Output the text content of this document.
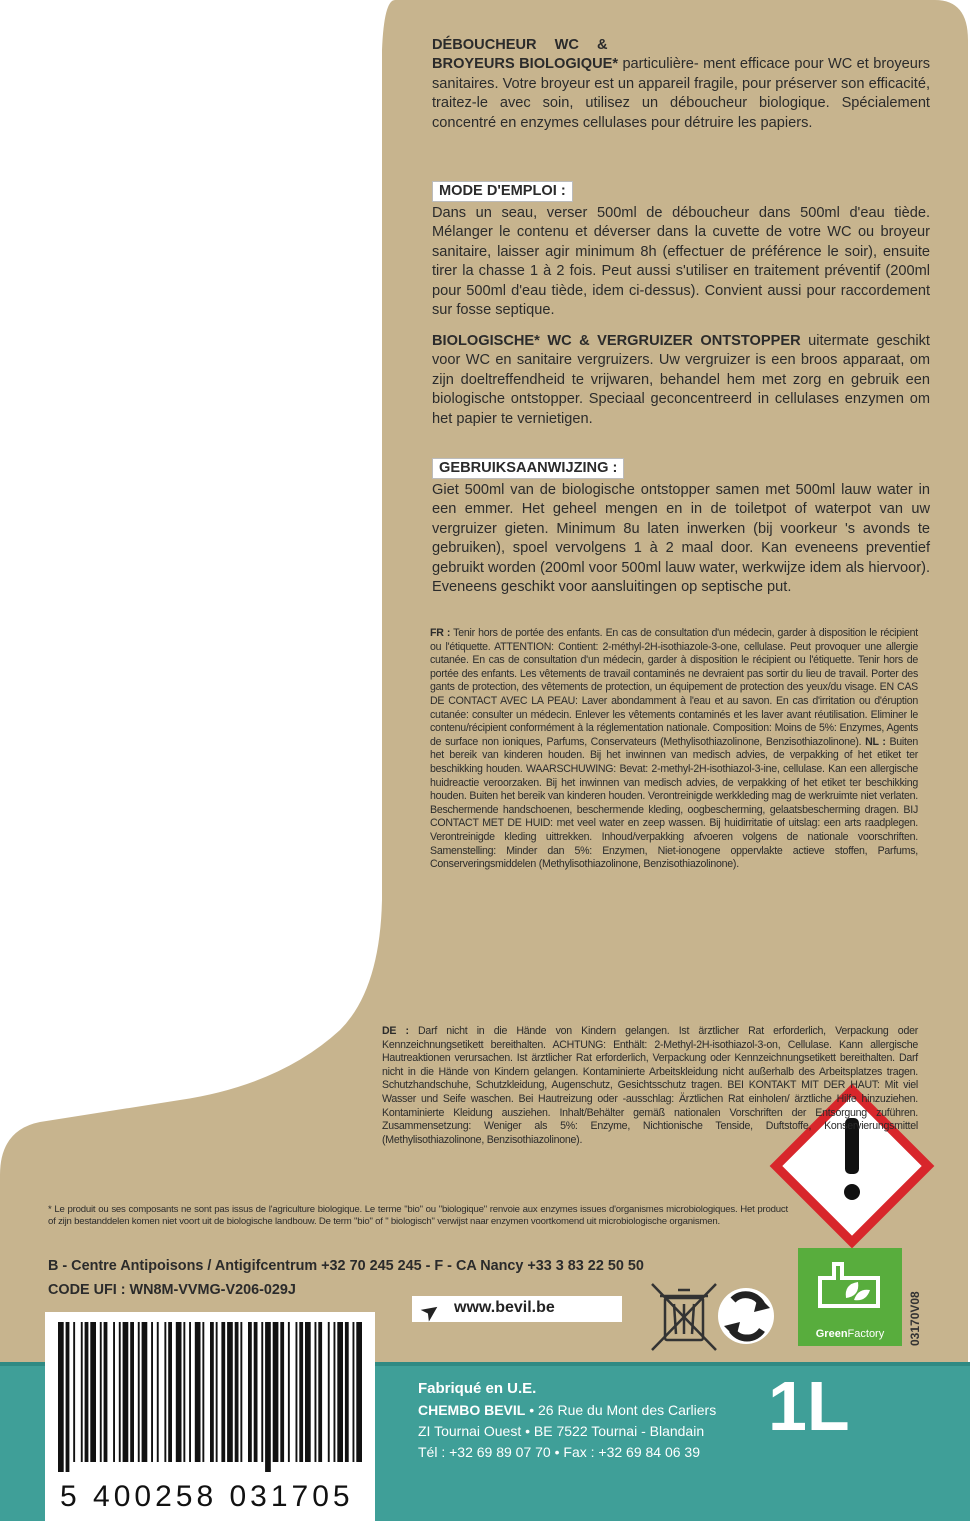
DÉBOUCHEUR WC &
BROYEURS BIOLOGIQUE* particulière- ment efficace pour WC et broyeurs sanitaires. Votre broyeur est un appareil fragile, pour préserver son efficacité, traitez-le avec soin, utilisez un déboucheur biologique. Spécialement concentré en enzymes cellulases pour détruire les papiers.
MODE D'EMPLOI :
Dans un seau, verser 500ml de déboucheur dans 500ml d'eau tiède. Mélanger le contenu et déverser dans la cuvette de votre WC ou broyeur sanitaire, laisser agir minimum 8h (effectuer de préférence le soir), ensuite tirer la chasse 1 à 2 fois. Peut aussi s'utiliser en traitement préventif (200ml pour 500ml d'eau tiède, idem ci-dessus). Convient aussi pour raccordement sur fosse septique.
BIOLOGISCHE* WC & VERGRUIZER ONTSTOPPER uitermate geschikt voor WC en sanitaire vergruizers. Uw vergruizer is een broos apparaat, om zijn doeltreffendheid te vrijwaren, behandel hem met zorg en gebruik een biologische ontstopper. Speciaal geconcentreerd in cellulases enzymen om het papier te vernietigen.
GEBRUIKSAANWIJZING :
Giet 500ml van de biologische ontstopper samen met 500ml lauw water in een emmer. Het geheel mengen en in de toiletpot of waterpot van uw vergruizer gieten. Minimum 8u laten inwerken (bij voorkeur 's avonds te gebruiken), spoel vervolgens 1 à 2 maal door. Kan eveneens preventief gebruikt worden (200ml voor 500ml lauw water, werkwijze idem als hiervoor). Eveneens geschikt voor aansluitingen op septische put.
FR : Tenir hors de portée des enfants. En cas de consultation d'un médecin, garder à disposition le récipient ou l'étiquette. ATTENTION: Contient: 2-méthyl-2H-isothiazole-3-one, cellulase. Peut provoquer une allergie cutanée. En cas de consultation d'un médecin, garder à disposition le récipient ou l'étiquette. Tenir hors de portée des enfants. Les vêtements de travail contaminés ne devraient pas sortir du lieu de travail. Porter des gants de protection, des vêtements de protection, un équipement de protection des yeux/du visage. EN CAS DE CONTACT AVEC LA PEAU: Laver abondamment à l'eau et au savon. En cas d'irritation ou d'éruption cutanée: consulter un médecin. Enlever les vêtements contaminés et les laver avant réutilisation. Eliminer le contenu/récipient conformément à la réglementation nationale. Composition: Moins de 5%: Enzymes, Agents de surface non ioniques, Parfums, Conservateurs (Methylisothiazolinone, Benzisothiazolinone). NL : Buiten het bereik van kinderen houden. Bij het inwinnen van medisch advies, de verpakking of het etiket ter beschikking houden. WAARSCHUWING: Bevat: 2-methyl-2H-isothiazol-3-ine, cellulase. Kan een allergische huidreactie veroorzaken. Bij het inwinnen van medisch advies, de verpakking of het etiket ter beschikking houden. Buiten het bereik van kinderen houden. Verontreinigde werkkleding mag de werkruimte niet verlaten. Beschermende handschoenen, beschermende kleding, oogbescherming, gelaatsbescherming dragen. BIJ CONTACT MET DE HUID: met veel water en zeep wassen. Bij huidirritatie of uitslag: een arts raadplegen. Verontreinigde kleding uittrekken. Inhoud/verpakking afvoeren volgens de nationale voorschriften. Samenstelling: Minder dan 5%: Enzymen, Niet-ionogene oppervlakte actieve stoffen, Parfums, Conserveringsmiddelen (Methylisothiazolinone, Benzisothiazolinone).
DE : Darf nicht in die Hände von Kindern gelangen. Ist ärztlicher Rat erforderlich, Verpackung oder Kennzeichnungsetikett bereithalten. ACHTUNG: Enthält: 2-Methyl-2H-isothiazol-3-on, Cellulase. Kann allergische Hautreaktionen verursachen. Ist ärztlicher Rat erforderlich, Verpackung oder Kennzeichnungsetikett bereithalten. Darf nicht in die Hände von Kindern gelangen. Kontaminierte Arbeitskleidung nicht außerhalb des Arbeitsplatzes tragen. Schutzhandschuhe, Schutzkleidung, Augenschutz, Gesichtsschutz tragen. BEI KONTAKT MIT DER HAUT: Mit viel Wasser und Seife waschen. Bei Hautreizung oder -ausschlag: Ärztlichen Rat einholen/ ärztliche Hilfe hinzuziehen. Kontaminierte Kleidung ausziehen. Inhalt/Behälter gemäß nationalen Vorschriften der Entsorgung zuführen. Zusammensetzung: Weniger als 5%: Enzyme, Nichtionische Tenside, Duftstoffe, Konservierungsmittel (Methylisothiazolinone, Benzisothiazolinone).
* Le produit ou ses composants ne sont pas issus de l'agriculture biologique. Le terme "bio" ou "biologique" renvoie aux enzymes issues d'organismes microbiologiques. Het product of zijn bestanddelen komen niet voort uit de biologische landbouw. De term "bio" of " biologisch" verwijst naar enzymen voortkomend uit microbiologische organismen.
B - Centre Antipoisons / Antigifcentrum +32 70 245 245 - F - CA Nancy +33 3 83 22 50 50
CODE UFI : WN8M-VVMG-V206-029J
➤ www.bevil.be
GreenFactory	03170V08
Fabriqué en U.E.
CHEMBO BEVIL • 26 Rue du Mont des Carliers
ZI Tournai Ouest • BE 7522 Tournai - Blandain
Tél : +32 69 89 07 70 • Fax : +32 69 84 06 39
1L
5 400258 031705
